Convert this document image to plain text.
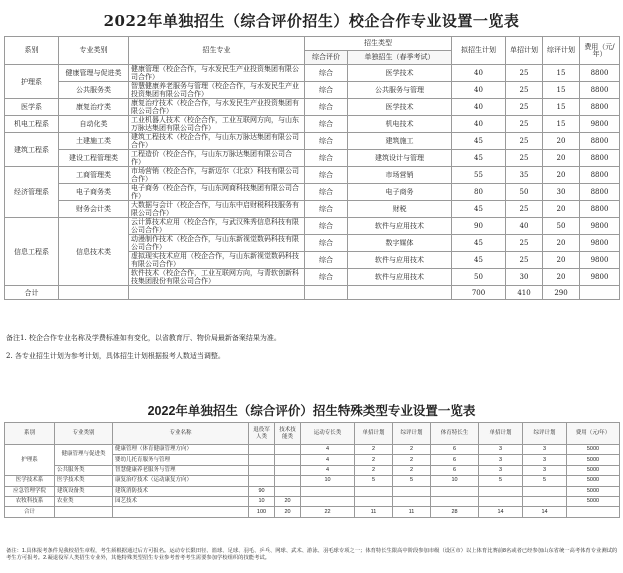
2022年单独招生（综合评价招生）校企合作专业设置一览表
系别	专业类别	招生专业	招生类型		拟招生计划	单招计划	综评计划	费用（元/年）
			综合评价	单独招生（春季考试）				
护理系	健康管理与促进类	健康管理（校企合作，与水发民生产业投资集团有限公司合作）	综合	医学技术	40	25	15	8800
	公共服务类	智慧健康养老服务与管理（校企合作，与水发民生产业投资集团有限公司合作）	综合	公共服务与管理	40	25	15	8800
医学系	康复治疗类	康复治疗技术（校企合作，与水发民生产业投资集团有限公司合作）	综合	医学技术	40	25	15	8800
机电工程系	自动化类	工业机器人技术（校企合作，工业互联网方向，与山东万脉达集团有限公司合作）	综合	机电技术	40	25	15	9800
建筑工程系	土建施工类	建筑工程技术（校企合作，与山东万脉达集团有限公司合作）	综合	建筑施工	45	25	20	8800
	建设工程管理类	工程造价（校企合作，与山东万脉达集团有限公司合作）	综合	建筑设计与管理	45	25	20	8800
经济管理系	工商管理类	市场营销（校企合作，与新迈尔（北京）科技有限公司合作）	综合	市场营销	55	35	20	8800
	电子商务类	电子商务（校企合作，与山东网商科技集团有限公司合作）	综合	电子商务	80	50	30	8800
	财务会计类	大数据与会计（校企合作，与山东中启财税科技服务有限公司合作）	综合	财税	45	25	20	8800
信息工程系	信息技术类	云计算技术应用（校企合作，与武汉殊秀信息科技有限公司合作）	综合	软件与应用技术	90	40	50	9800
		动漫制作技术（校企合作，与山东新视觉数码科技有限公司合作）	综合	数字媒体	45	25	20	9800
		虚拟现实技术应用（校企合作，与山东新视觉数码科技有限公司合作）	综合	软件与应用技术	45	25	20	9800
		软件技术（校企合作，工业互联网方向，与青软创新科技集团股份有限公司合作）	综合	软件与应用技术	50	30	20	9800
合计					700	410	290	
备注1. 校企合作专业名称及学费标准如有变化，以省教育厅、物价局最新备案结果为准。
2. 各专业招生计划为参考计划，具体招生计划根据报考人数适当调整。
2022年单独招生（综合评价）招生特殊类型专业设置一览表
系别	专业类别	专业名称	退役军人类	技术技能类	运动专长类	单招计划	综评计划	体育特长生	单招计划	综评计划	费用（元/年）
护理系	健康管理与促进类	健康管理（体育健康管理方向）			4	2	2	6	3	3	5000
		婴幼儿托育服务与管理			4	2	2	6	3	3	5000
	公共服务类	智慧健康养老服务与管理			4	2	2	6	3	3	5000
医学技术系	医学技术类	康复治疗技术（运动康复方向）			10	5	5	10	5	5	5000
应急管理学院	建筑设备类	建筑消防技术	90								5000
农牧科技系	农业类	园艺技术	10	20							5000
合计			100	20	22	11	11	28	14	14	
备注：1.具体报考条件见我校招生章程，考生须根据通过后方可报名。运动专长限田径、篮球、足球、羽毛、乒乓、网球、武术、游泳、羽毛球专项之一；体育特长生限高中阶段参加市级（设区市）以上体育比赛前8名或者已经参加山东省统一高考体育专业测试的考生方可报考。2.凝退役军人类招生专业外，其他特殊类型招生专业参考普考考生需要参加学校组织的技能考试。
